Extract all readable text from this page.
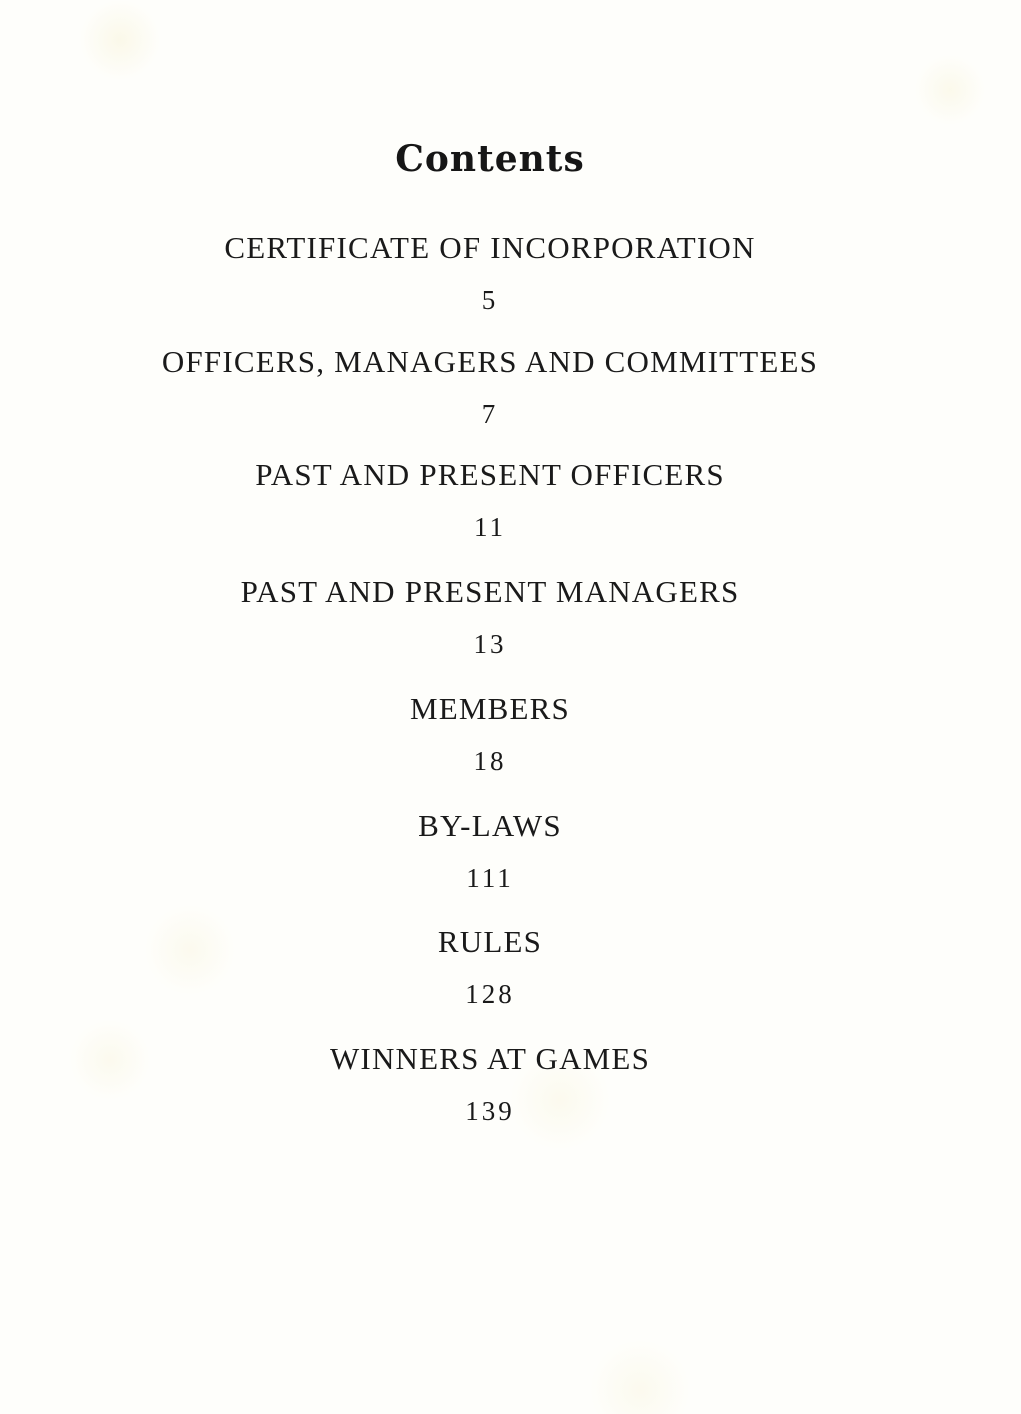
Contents
CERTIFICATE OF INCORPORATION
5
OFFICERS, MANAGERS AND COMMITTEES
7
PAST AND PRESENT OFFICERS
11
PAST AND PRESENT MANAGERS
13
MEMBERS
18
BY-LAWS
111
RULES
128
WINNERS AT GAMES
139
